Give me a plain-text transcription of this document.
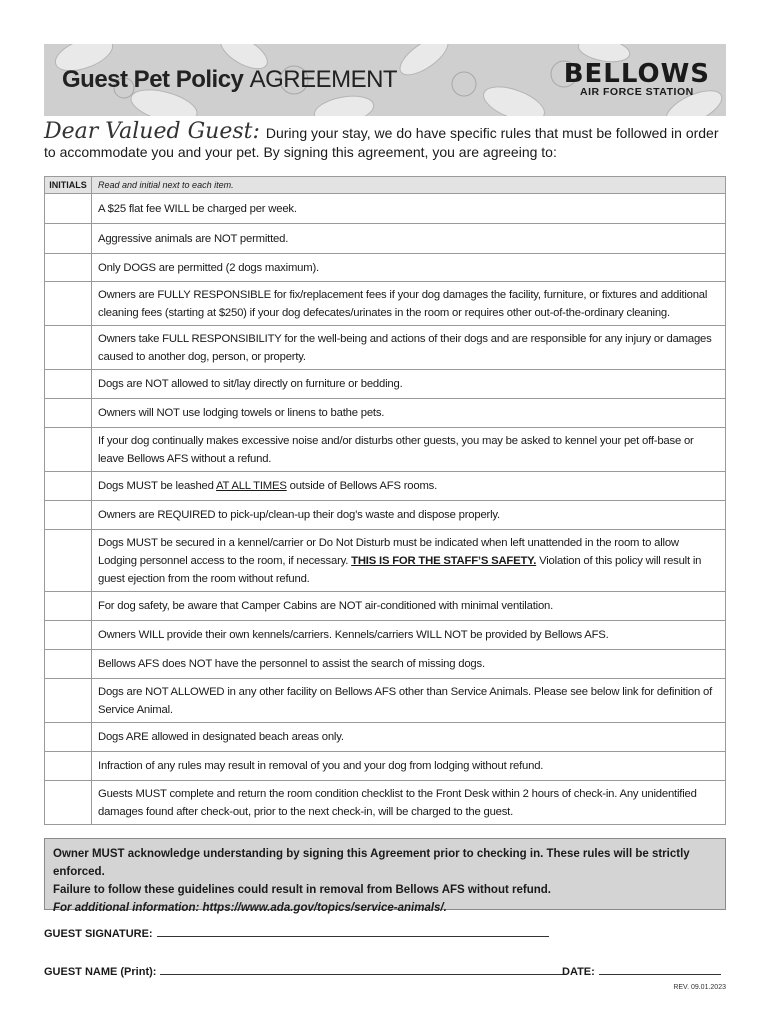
Guest Pet Policy AGREEMENT	BELLOWS
AIR FORCE STATION
Dear Valued Guest: During your stay, we do have specific rules that must be followed in order to accommodate you and your pet. By signing this agreement, you are agreeing to:
INITIALS	Read and initial next to each item.
	A $25 flat fee WILL be charged per week.
	Aggressive animals are NOT permitted.
	Only DOGS are permitted (2 dogs maximum).
	Owners are FULLY RESPONSIBLE for fix/replacement fees if your dog damages the facility, furniture, or fixtures and additional cleaning fees (starting at $250) if your dog defecates/urinates in the room or requires other out-of-the-ordinary cleaning.
	Owners take FULL RESPONSIBILITY for the well-being and actions of their dogs and are responsible for any injury or damages caused to another dog, person, or property.
	Dogs are NOT allowed to sit/lay directly on furniture or bedding.
	Owners will NOT use lodging towels or linens to bathe pets.
	If your dog continually makes excessive noise and/or disturbs other guests, you may be asked to kennel your pet off-base or leave Bellows AFS without a refund.
	Dogs MUST be leashed AT ALL TIMES outside of Bellows AFS rooms.
	Owners are REQUIRED to pick-up/clean-up their dog’s waste and dispose properly.
	Dogs MUST be secured in a kennel/carrier or Do Not Disturb must be indicated when left unattended in the room to allow Lodging personnel access to the room, if necessary. THIS IS FOR THE STAFF’S SAFETY. Violation of this policy will result in guest ejection from the room without refund.
	For dog safety, be aware that Camper Cabins are NOT air-conditioned with minimal ventilation.
	Owners WILL provide their own kennels/carriers. Kennels/carriers WILL NOT be provided by Bellows AFS.
	Bellows AFS does NOT have the personnel to assist the search of missing dogs.
	Dogs are NOT ALLOWED in any other facility on Bellows AFS other than Service Animals. Please see below link for definition of Service Animal.
	Dogs ARE allowed in designated beach areas only.
	Infraction of any rules may result in removal of you and your dog from lodging without refund.
	Guests MUST complete and return the room condition checklist to the Front Desk within 2 hours of check-in. Any unidentified damages found after check-out, prior to the next check-in, will be charged to the guest.
Owner MUST acknowledge understanding by signing this Agreement prior to checking in. These rules will be strictly enforced.
Failure to follow these guidelines could result in removal from Bellows AFS without refund.
For additional information: https://www.ada.gov/topics/service-animals/.
GUEST SIGNATURE:
GUEST NAME (Print):	DATE:
REV. 09.01.2023
